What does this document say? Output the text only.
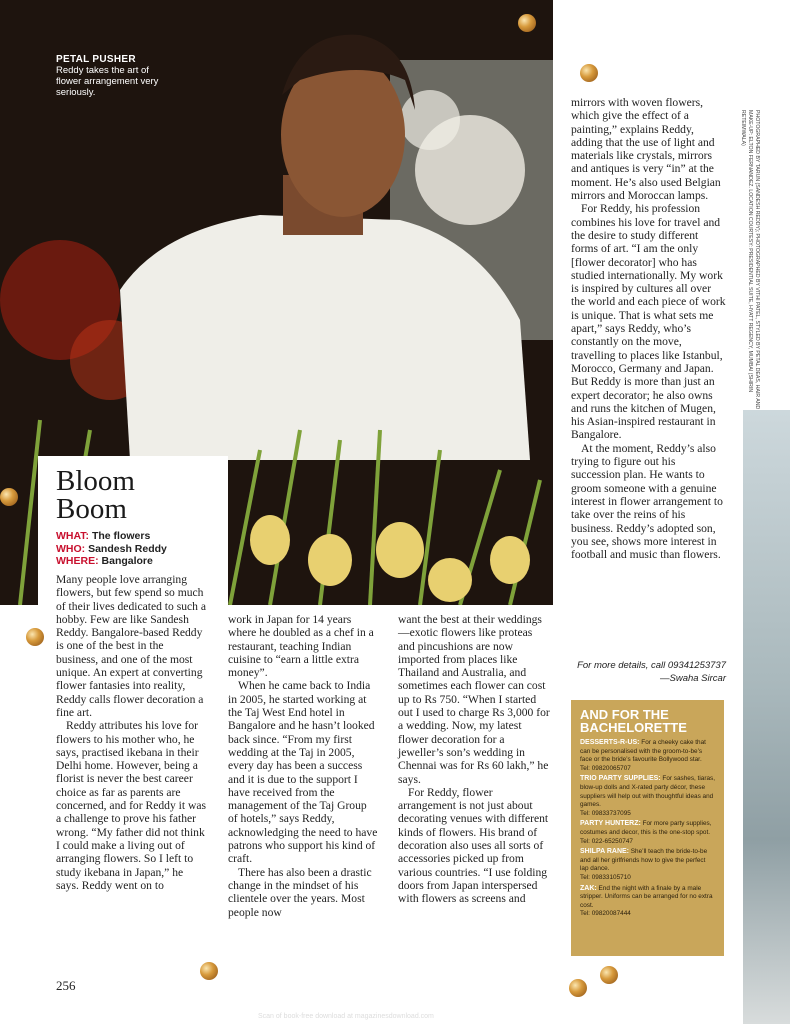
PETAL PUSHER
Reddy takes the art of flower arrangement very seriously.
Bloom
Boom
WHAT: The flowers
WHO: Sandesh Reddy
WHERE: Bangalore

Many people love arranging flowers, but few spend so much of their lives dedicated to such a hobby. Few are like Sandesh Reddy. Bangalore-based Reddy is one of the best in the business, and one of the most unique. An expert at converting flower fantasies into reality, Reddy calls flower decoration a fine art.

Reddy attributes his love for flowers to his mother who, he says, practised ikebana in their Delhi home. However, being a florist is never the best career choice as far as parents are concerned, and for Reddy it was a challenge to prove his father wrong. “My father did not think I could make a living out of arranging flowers. So I left to study ikebana in Japan,” he says. Reddy went on to

work in Japan for 14 years where he doubled as a chef in a restaurant, teaching Indian cuisine to “earn a little extra money”.

When he came back to India in 2005, he started working at the Taj West End hotel in Bangalore and he hasn’t looked back since. “From my first wedding at the Taj in 2005, every day has been a success and it is due to the support I have received from the management of the Taj Group of hotels,” says Reddy, acknowledging the need to have patrons who support his kind of craft.

There has also been a drastic change in the mindset of his clientele over the years. Most people now

want the best at their weddings—exotic flowers like proteas and pincushions are now imported from places like Thailand and Australia, and sometimes each flower can cost up to Rs 750. “When I started out I used to charge Rs 3,000 for a wedding. Now, my latest flower decoration for a jeweller’s son’s wedding in Chennai was for Rs 60 lakh,” he says.

For Reddy, flower arrangement is not just about decorating venues with different kinds of flowers. His brand of decoration also uses all sorts of accessories picked up from various countries. “I use folding doors from Japan interspersed with flowers as screens and

mirrors with woven flowers, which give the effect of a painting,” explains Reddy, adding that the use of light and materials like crystals, mirrors and antiques is very “in” at the moment. He’s also used Belgian mirrors and Moroccan lamps.

For Reddy, his profession combines his love for travel and the desire to study different forms of art. “I am the only [flower decorator] who has studied internationally. My work is inspired by cultures all over the world and each piece of work is unique. That is what sets me apart,” says Reddy, who’s constantly on the move, travelling to places like Istanbul, Morocco, Germany and Japan. But Reddy is more than just an expert decorator; he also owns and runs the kitchen of Mugen, his Asian-inspired restaurant in Bangalore.

At the moment, Reddy’s also trying to figure out his succession plan. He wants to groom someone with a genuine interest in flower arrangement to take over the reins of his business. Reddy’s adopted son, you see, shows more interest in football and music than flowers.

For more details, call 09341253737
—Swaha Sircar
AND FOR THE BACHELORETTE
DESSERTS-R-US: For a cheeky cake that can be personalised with the groom-to-be’s face or the bride’s favourite Bollywood star.
Tel: 09820065707
TRIO PARTY SUPPLIES: For sashes, tiaras, blow-up dolls and X-rated party décor, these suppliers will help out with thoughtful ideas and games.
Tel: 09833737095
PARTY HUNTERZ: For more party supplies, costumes and decor, this is the one-stop spot.
Tel: 022-65250747
SHILPA RANE: She’ll teach the bride-to-be and all her girlfriends how to give the perfect lap dance.
Tel: 09833105710
ZAK: End the night with a finale by a male stripper. Uniforms can be arranged for no extra cost.
Tel: 09820087444
PHOTOGRAPHED BY TARUN (SANDESH REDDY); PHOTOGRAPHED BY VITHI PATEL, STYLED BY PETAL DEAS, HAIR AND MAKE-UP: ELTON FERNANDEZ. LOCATION COURTESY: PRESIDENTIAL SUITE, HYATT REGENCY, MUMBAI (SHIRIN RETEIMWALA)
256
Scan of book-free download at magazinesdownload.com
